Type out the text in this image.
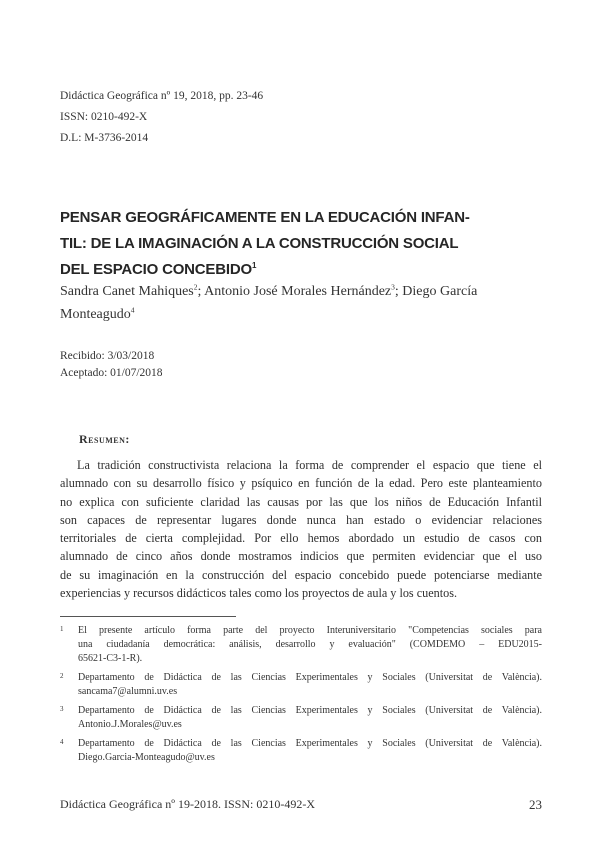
Didáctica Geográfica nº 19, 2018, pp. 23-46
ISSN: 0210-492-X
D.L: M-3736-2014
PENSAR GEOGRÁFICAMENTE EN LA EDUCACIÓN INFAN-
TIL: DE LA IMAGINACIÓN A LA CONSTRUCCIÓN SOCIAL
DEL ESPACIO CONCEBIDO$^1$
Sandra Canet Mahiques$^2$; Antonio José Morales Hernández$^3$; Diego García
Monteagudo$^4$
Recibido: 3/03/2018
Aceptado: 01/07/2018
Resumen:
La tradición constructivista relaciona la forma de comprender el espacio que tiene el
alumnado con su desarrollo físico y psíquico en función de la edad. Pero este planteamiento
no explica con suficiente claridad las causas por las que los niños de Educación Infantil
son capaces de representar lugares donde nunca han estado o evidenciar relaciones
territoriales de cierta complejidad. Por ello hemos abordado un estudio de casos con
alumnado de cinco años donde mostramos indicios que permiten evidenciar que el uso
de su imaginación en la construcción del espacio concebido puede potenciarse mediante
experiencias y recursos didácticos tales como los proyectos de aula y los cuentos.
1 El presente artículo forma parte del proyecto Interuniversitario "Competencias sociales para
una ciudadanía democrática: análisis, desarrollo y evaluación" (COMDEMO – EDU2015-
65621-C3-1-R).
2 Departamento de Didáctica de las Ciencias Experimentales y Sociales (Universitat de València).
sancama7@alumni.uv.es
3 Departamento de Didáctica de las Ciencias Experimentales y Sociales (Universitat de València).
Antonio.J.Morales@uv.es
4 Departamento de Didáctica de las Ciencias Experimentales y Sociales (Universitat de València).
Diego.Garcia-Monteagudo@uv.es
Didáctica Geográfica nº 19-2018. ISSN: 0210-492-X	23
